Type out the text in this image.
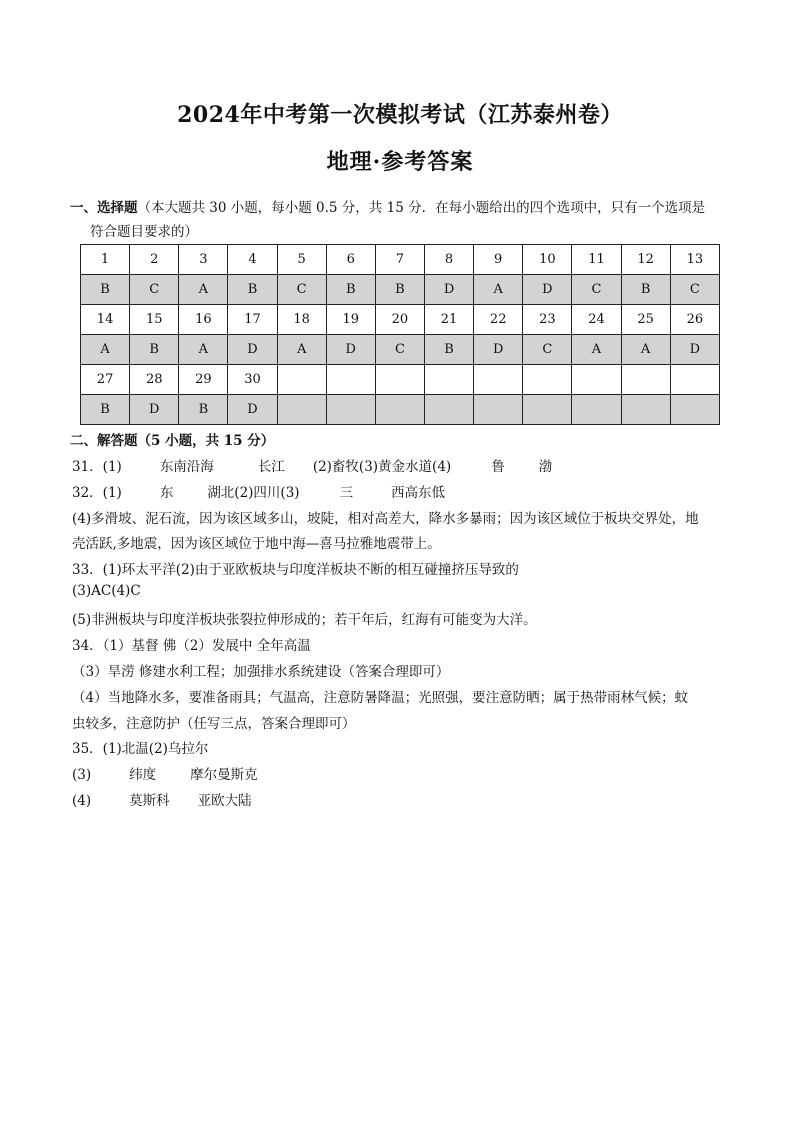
2024年中考第一次模拟考试（江苏泰州卷）
地理·参考答案
一、选择题（本大题共 30 小题，每小题 0.5 分，共 15 分．在每小题给出的四个选项中，只有一个选项是
符合题目要求的）
1	2	3	4	5	6	7	8	9	10	11	12	13
B	C	A	B	C	B	B	D	A	D	C	B	C
14	15	16	17	18	19	20	21	22	23	24	25	26
A	B	A	D	A	D	C	B	D	C	A	A	D
27	28	29	30									
B	D	B	D									
二、解答题（5 小题，共 15 分）
31．(1)	东南沿海	长江 (2)畜牧(3)黄金水道(4)	鲁	渤
32．(1)	东	湖北(2)四川(3)	三	西高东低
(4)多滑坡、泥石流，因为该区域多山，坡陡，相对高差大，降水多暴雨；因为该区域位于板块交界处，地
壳活跃,多地震，因为该区域位于地中海—喜马拉雅地震带上。
33．(1)环太平洋(2)由于亚欧板块与印度洋板块不断的相互碰撞挤压导致的
(3)AC(4)C
(5)非洲板块与印度洋板块张裂拉伸形成的；若干年后，红海有可能变为大洋。
34．（1）基督 佛（2）发展中 全年高温
（3）旱涝 修建水利工程；加强排水系统建设（答案合理即可）
（4）当地降水多，要准备雨具；气温高，注意防暑降温；光照强，要注意防晒；属于热带雨林气候；蚊
虫较多，注意防护（任写三点，答案合理即可）
35．(1)北温(2)乌拉尔
(3)	纬度	摩尔曼斯克
(4)	莫斯科 亚欧大陆
